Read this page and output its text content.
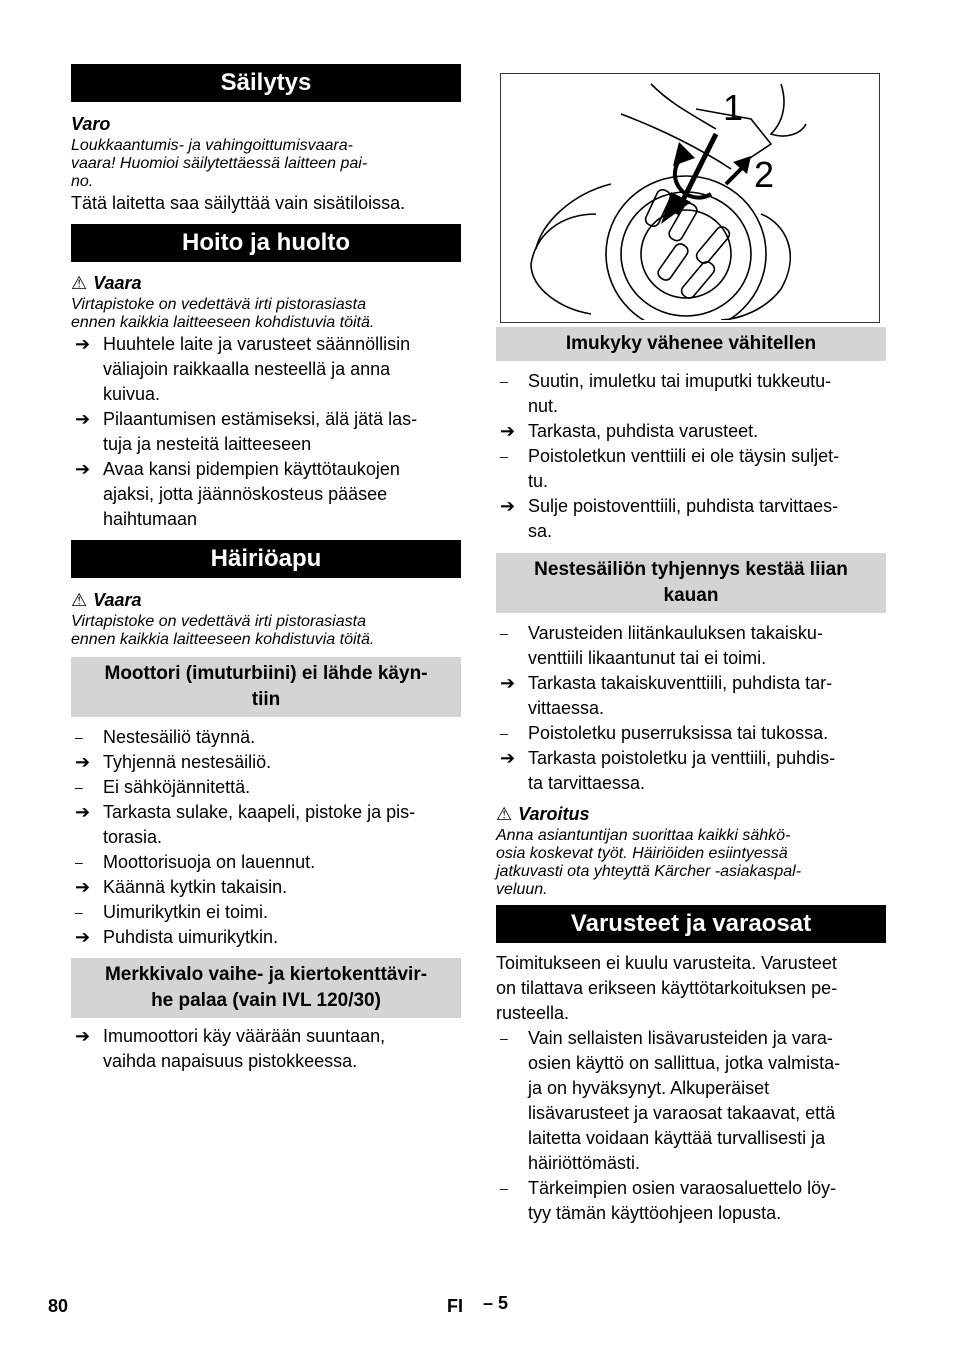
Säilytys
Varo
Loukkaantumis- ja vahingoittumisvaara-
vaara! Huomioi säilytettäessä laitteen pai-
no.

Tätä laitetta saa säilyttää vain sisätiloissa.

Hoito ja huolto
⚠ Vaara
Virtapistoke on vedettävä irti pistorasiasta
ennen kaikkia laitteeseen kohdistuvia töitä.
➔ Huuhtele laite ja varusteet säännöllisin
väliajoin raikkaalla nesteellä ja anna
kuivua.
➔ Pilaantumisen estämiseksi, älä jätä las-
tuja ja nesteitä laitteeseen
➔ Avaa kansi pidempien käyttötaukojen
ajaksi, jotta jäännöskosteus pääsee
haihtumaan
Häiriöapu
⚠ Vaara
Virtapistoke on vedettävä irti pistorasiasta
ennen kaikkia laitteeseen kohdistuvia töitä.
Moottori (imuturbiini) ei lähde käyn-
tiin
–	Nestesäiliö täynnä.
➔ Tyhjennä nestesäiliö.
–	Ei sähköjännitettä.
➔ Tarkasta sulake, kaapeli, pistoke ja pis-
torasia.
–	Moottorisuoja on lauennut.
➔ Käännä kytkin takaisin.
–	Uimurikytkin ei toimi.
➔ Puhdista uimurikytkin.
Merkkivalo vaihe- ja kiertokenttävir-
he palaa (vain IVL 120/30)
➔ Imumoottori käy väärään suuntaan,
vaihda napaisuus pistokkeessa.
1
2
Imukyky vähenee vähitellen
–	Suutin, imuletku tai imuputki tukkeutu-
nut.
➔ Tarkasta, puhdista varusteet.
–	Poistoletkun venttiili ei ole täysin suljet-
tu.
➔ Sulje poistoventtiili, puhdista tarvittaes-
sa.
Nestesäiliön tyhjennys kestää liian
kauan
–	Varusteiden liitänkauluksen takaisku-
venttiili likaantunut tai ei toimi.
➔ Tarkasta takaiskuventtiili, puhdista tar-
vittaessa.
–	Poistoletku puserruksissa tai tukossa.
➔ Tarkasta poistoletku ja venttiili, puhdis-
ta tarvittaessa.
⚠ Varoitus
Anna asiantuntijan suorittaa kaikki sähkö-
osia koskevat työt. Häiriöiden esiintyessä
jatkuvasti ota yhteyttä Kärcher -asiakaspal-
veluun.
Varusteet ja varaosat
Toimitukseen ei kuulu varusteita. Varusteet
on tilattava erikseen käyttötarkoituksen pe-
rusteella.
–	Vain sellaisten lisävarusteiden ja vara-
osien käyttö on sallittua, jotka valmista-
ja on hyväksynyt. Alkuperäiset
lisävarusteet ja varaosat takaavat, että
laitetta voidaan käyttää turvallisesti ja
häiriöttömästi.
–	Tärkeimpien osien varaosaluettelo löy-
tyy tämän käyttöohjeen lopusta.
80	FI – 5
